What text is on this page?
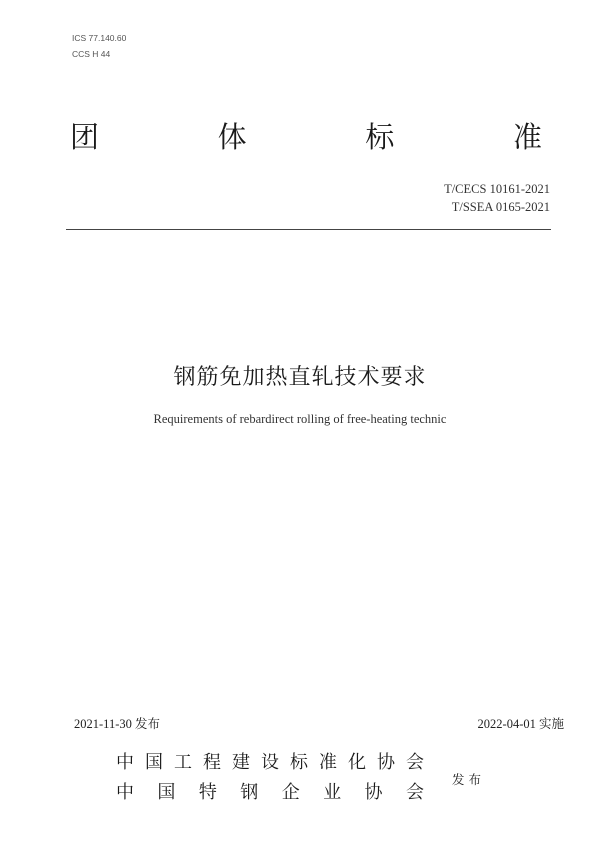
ICS 77.140.60
CCS H 44
团	体	标	准
T/CECS 10161-2021
T/SSEA 0165-2021
钢筋免加热直轧技术要求
Requirements of rebardirect rolling of free-heating technic
2021-11-30 发布	2022-04-01 实施
中 国 工 程 建 设 标 准 化 协 会
中 国 特 钢 企 业 协 会
发布
